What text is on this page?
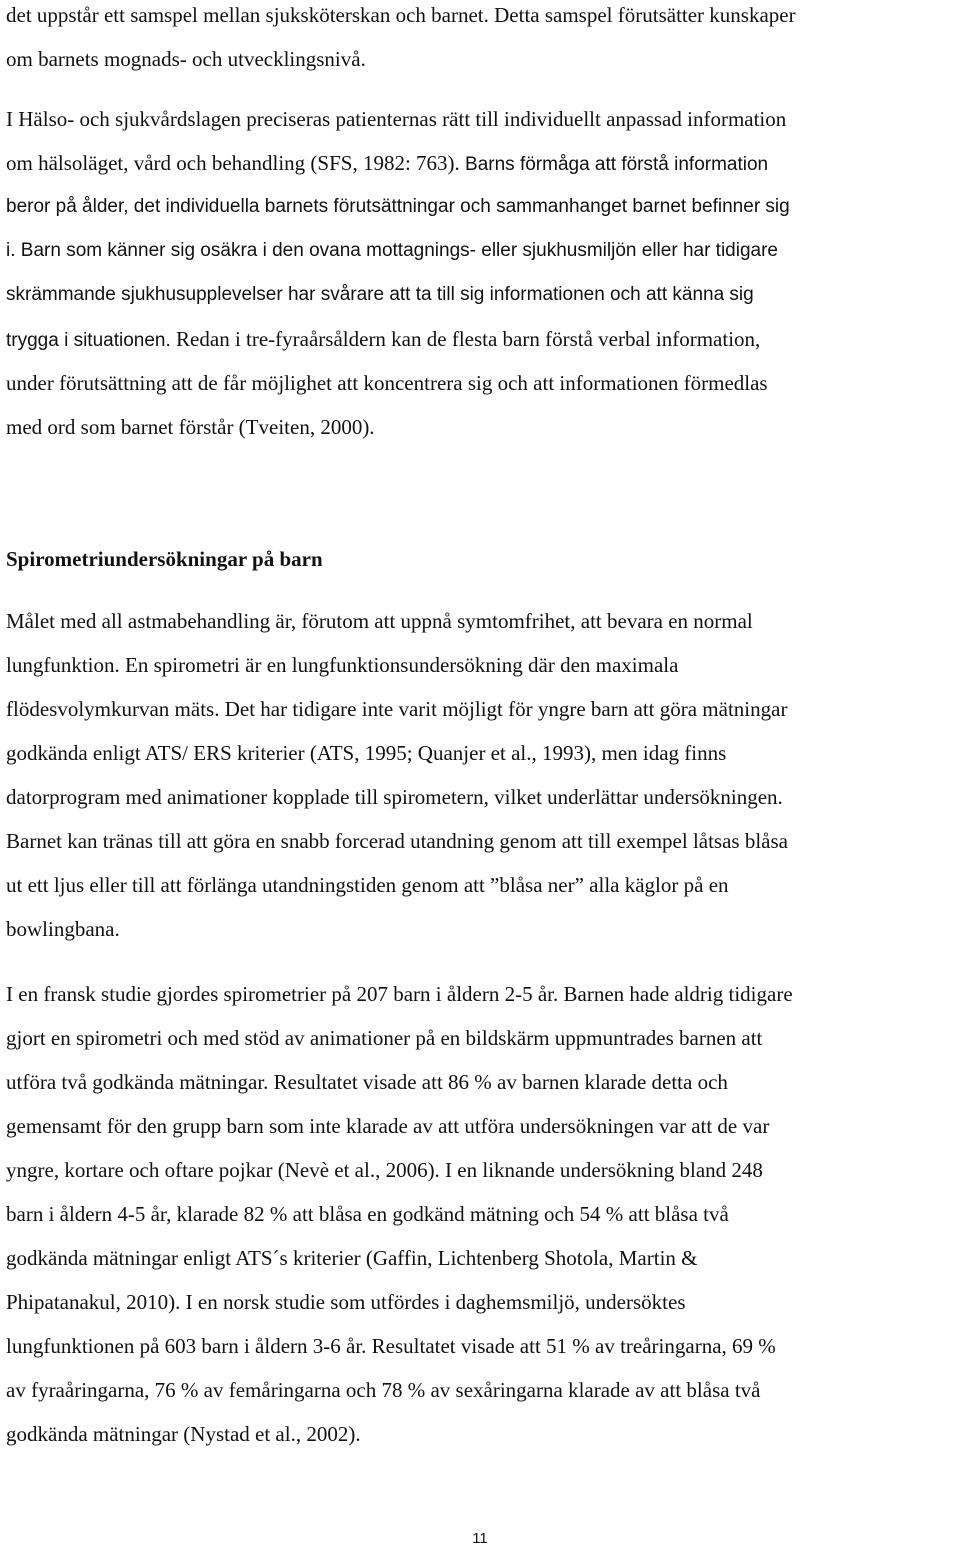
det uppstår ett samspel mellan sjuksköterskan och barnet. Detta samspel förutsätter kunskaper
om barnets mognads- och utvecklingsnivå.
I Hälso- och sjukvårdslagen preciseras patienternas rätt till individuellt anpassad information
om hälsoläget, vård och behandling (SFS, 1982: 763). Barns förmåga att förstå information
beror på ålder, det individuella barnets förutsättningar och sammanhanget barnet befinner sig
i. Barn som känner sig osäkra i den ovana mottagnings- eller sjukhusmiljön eller har tidigare
skrämmande sjukhusupplevelser har svårare att ta till sig informationen och att känna sig
trygga i situationen. Redan i tre-fyraårsåldern kan de flesta barn förstå verbal information,
under förutsättning att de får möjlighet att koncentrera sig och att informationen förmedlas
med ord som barnet förstår (Tveiten, 2000).
Spirometriundersökningar på barn
Målet med all astmabehandling är, förutom att uppnå symtomfrihet, att bevara en normal
lungfunktion. En spirometri är en lungfunktionsundersökning där den maximala
flödesvolymkurvan mäts. Det har tidigare inte varit möjligt för yngre barn att göra mätningar
godkända enligt ATS/ ERS kriterier (ATS, 1995; Quanjer et al., 1993), men idag finns
datorprogram med animationer kopplade till spirometern, vilket underlättar undersökningen.
Barnet kan tränas till att göra en snabb forcerad utandning genom att till exempel låtsas blåsa
ut ett ljus eller till att förlänga utandningstiden genom att ”blåsa ner” alla käglor på en
bowlingbana.
I en fransk studie gjordes spirometrier på 207 barn i åldern 2-5 år. Barnen hade aldrig tidigare
gjort en spirometri och med stöd av animationer på en bildskärm uppmuntrades barnen att
utföra två godkända mätningar. Resultatet visade att 86 % av barnen klarade detta och
gemensamt för den grupp barn som inte klarade av att utföra undersökningen var att de var
yngre, kortare och oftare pojkar (Nevè et al., 2006). I en liknande undersökning bland 248
barn i åldern 4-5 år, klarade 82 % att blåsa en godkänd mätning och 54 % att blåsa två
godkända mätningar enligt ATS´s kriterier (Gaffin, Lichtenberg Shotola, Martin &
Phipatanakul, 2010). I en norsk studie som utfördes i daghemsmiljö, undersöktes
lungfunktionen på 603 barn i åldern 3-6 år. Resultatet visade att 51 % av treåringarna, 69 %
av fyraåringarna, 76 % av femåringarna och 78 % av sexåringarna klarade av att blåsa två
godkända mätningar (Nystad et al., 2002).
11
